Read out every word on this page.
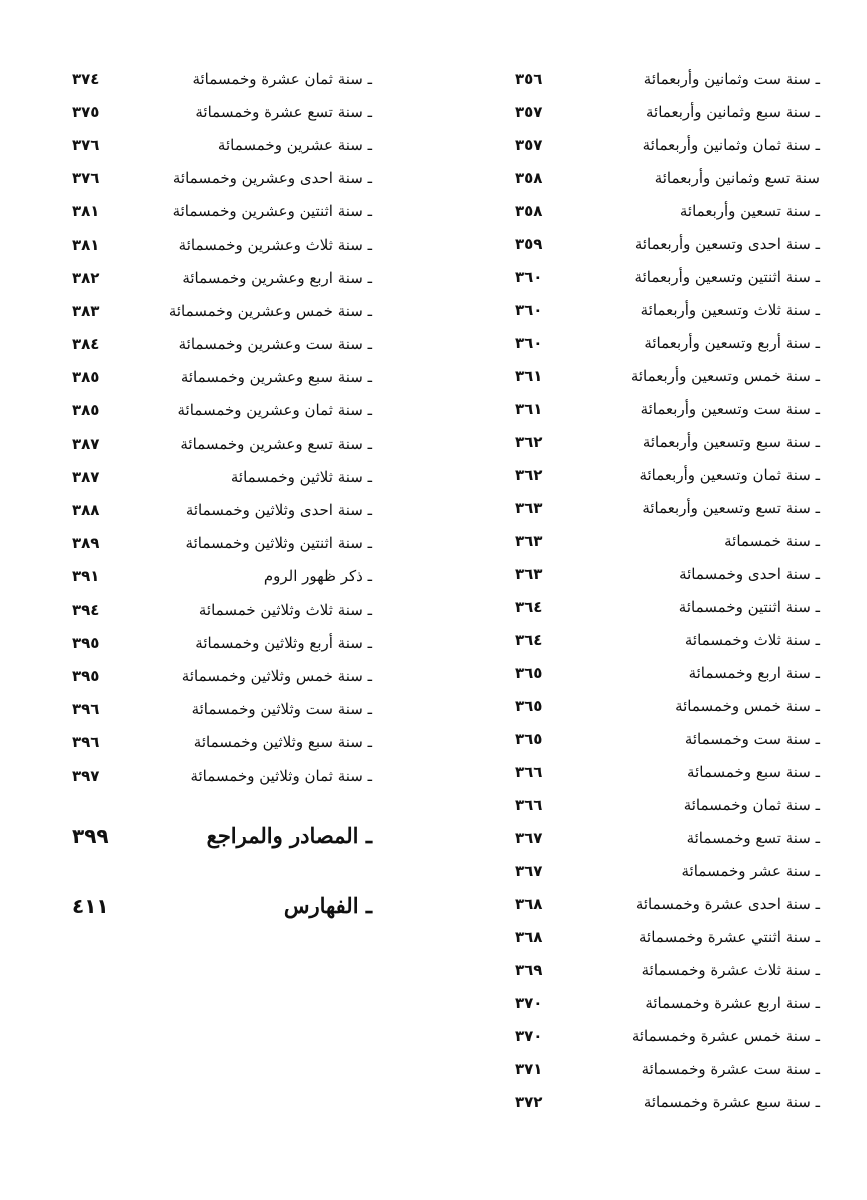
ـ سنة ست وثمانين وأربعمائة
٣٥٦
ـ سنة سبع وثمانين وأربعمائة
٣٥٧
ـ سنة ثمان وثمانين وأربعمائة
٣٥٧
سنة تسع وثمانين وأربعمائة
٣٥٨
ـ سنة تسعين وأربعمائة
٣٥٨
ـ سنة احدى وتسعين وأربعمائة
٣٥٩
ـ سنة اثنتين وتسعين وأربعمائة
٣٦٠
ـ سنة ثلاث وتسعين وأربعمائة
٣٦٠
ـ سنة أربع وتسعين وأربعمائة
٣٦٠
ـ سنة خمس وتسعين وأربعمائة
٣٦١
ـ سنة ست وتسعين وأربعمائة
٣٦١
ـ سنة سبع وتسعين وأربعمائة
٣٦٢
ـ سنة ثمان وتسعين وأربعمائة
٣٦٢
ـ سنة تسع وتسعين وأربعمائة
٣٦٣
ـ سنة خمسمائة
٣٦٣
ـ سنة احدى وخمسمائة
٣٦٣
ـ سنة اثنتين وخمسمائة
٣٦٤
ـ سنة ثلاث وخمسمائة
٣٦٤
ـ سنة اربع وخمسمائة
٣٦٥
ـ سنة خمس وخمسمائة
٣٦٥
ـ سنة ست وخمسمائة
٣٦٥
ـ سنة سبع وخمسمائة
٣٦٦
ـ سنة ثمان وخمسمائة
٣٦٦
ـ سنة تسع وخمسمائة
٣٦٧
ـ سنة عشر وخمسمائة
٣٦٧
ـ سنة احدى عشرة وخمسمائة
٣٦٨
ـ سنة اثنتي عشرة وخمسمائة
٣٦٨
ـ سنة ثلاث عشرة وخمسمائة
٣٦٩
ـ سنة اربع عشرة وخمسمائة
٣٧٠
ـ سنة خمس عشرة وخمسمائة
٣٧٠
ـ سنة ست عشرة وخمسمائة
٣٧١
ـ سنة سبع عشرة وخمسمائة
٣٧٢
ـ سنة ثمان عشرة وخمسمائة
٣٧٤
ـ سنة تسع عشرة وخمسمائة
٣٧٥
ـ سنة عشرين وخمسمائة
٣٧٦
ـ سنة احدى وعشرين وخمسمائة
٣٧٦
ـ سنة اثنتين وعشرين وخمسمائة
٣٨١
ـ سنة ثلاث وعشرين وخمسمائة
٣٨١
ـ سنة اربع وعشرين وخمسمائة
٣٨٢
ـ سنة خمس وعشرين وخمسمائة
٣٨٣
ـ سنة ست وعشرين وخمسمائة
٣٨٤
ـ سنة سبع وعشرين وخمسمائة
٣٨٥
ـ سنة ثمان وعشرين وخمسمائة
٣٨٥
ـ سنة تسع وعشرين وخمسمائة
٣٨٧
ـ سنة ثلاثين وخمسمائة
٣٨٧
ـ سنة احدى وثلاثين وخمسمائة
٣٨٨
ـ سنة اثنتين وثلاثين وخمسمائة
٣٨٩
ـ ذكر ظهور الروم
٣٩١
ـ سنة ثلاث وثلاثين خمسمائة
٣٩٤
ـ سنة أربع وثلاثين وخمسمائة
٣٩٥
ـ سنة خمس وثلاثين وخمسمائة
٣٩٥
ـ سنة ست وثلاثين وخمسمائة
٣٩٦
ـ سنة سبع وثلاثين وخمسمائة
٣٩٦
ـ سنة ثمان وثلاثين وخمسمائة
٣٩٧
ـ المصادر والمراجع
٣٩٩
ـ الفهارس
٤١١
